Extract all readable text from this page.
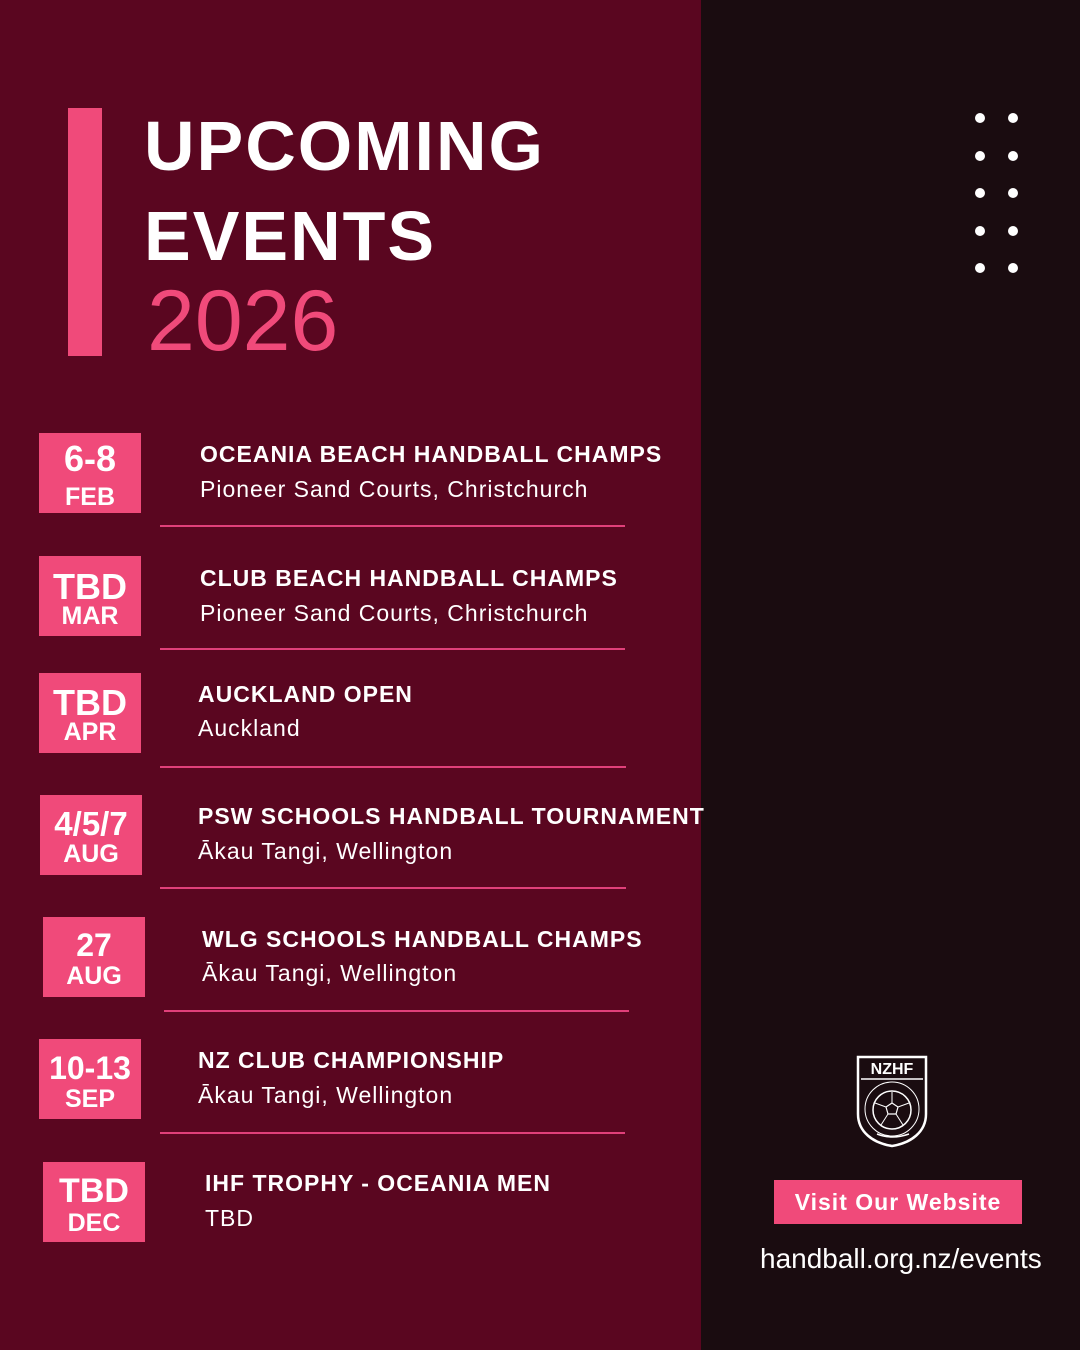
UPCOMING
EVENTS
2026
6-8
FEB
OCEANIA BEACH HANDBALL CHAMPS
Pioneer Sand Courts, Christchurch
TBD
MAR
CLUB BEACH HANDBALL CHAMPS
Pioneer Sand Courts, Christchurch
TBD
APR
AUCKLAND OPEN
Auckland
4/5/7
AUG
PSW SCHOOLS HANDBALL TOURNAMENT
Ākau Tangi, Wellington
27
AUG
WLG SCHOOLS HANDBALL CHAMPS
Ākau Tangi, Wellington
10-13
SEP
NZ CLUB CHAMPIONSHIP
Ākau Tangi, Wellington
TBD
DEC
IHF TROPHY - OCEANIA MEN
TBD
NZHF
Visit Our Website
handball.org.nz/events
